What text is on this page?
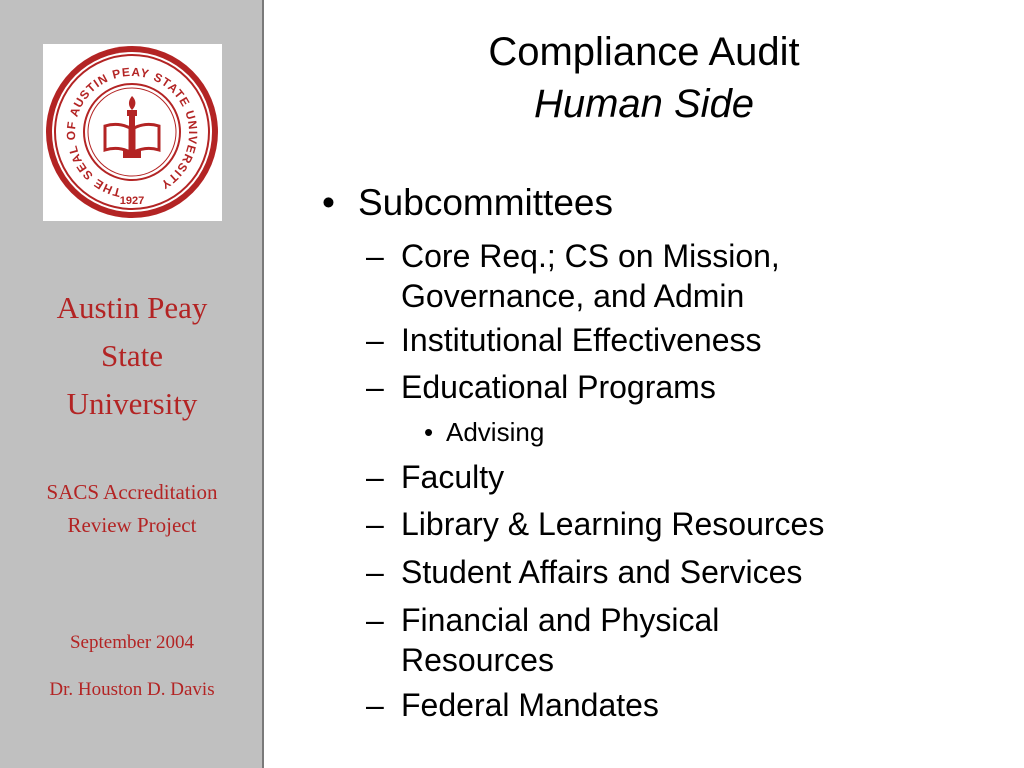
THE SEAL OF AUSTIN PEAY STATE UNIVERSITY
1927
Austin Peay
State
University
SACS Accreditation
Review Project
September 2004
Dr. Houston D. Davis
Compliance Audit
Human Side
• Subcommittees
– Core Req.; CS on Mission,
Governance, and Admin
– Institutional Effectiveness
– Educational Programs
• Advising
– Faculty
– Library & Learning Resources
– Student Affairs and Services
– Financial and Physical
Resources
– Federal Mandates
